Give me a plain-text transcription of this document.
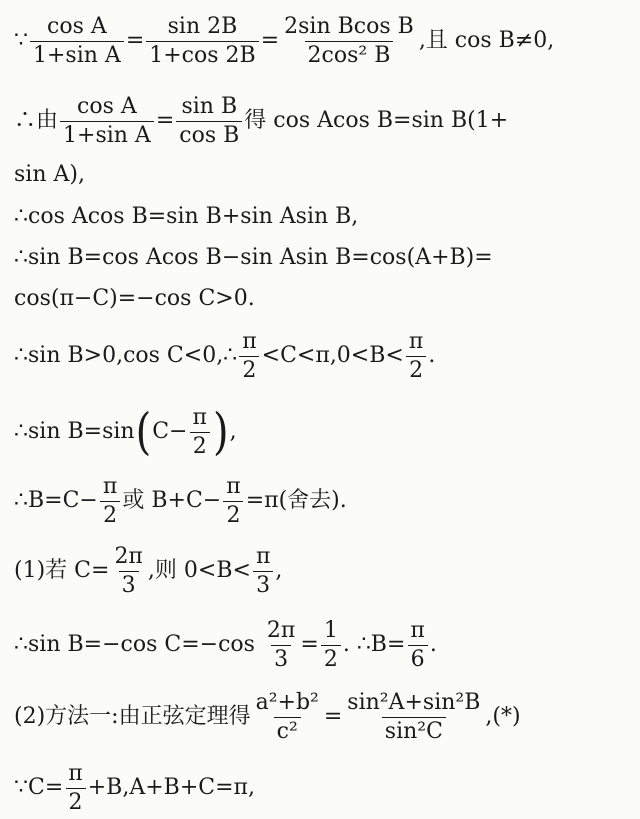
∵ $\frac{\text{cos A}}{\text{1+sin A}} = \frac{\sin 2B}{1+\cos 2B} = \frac{\text{2sin Bcos B}}{\text{2cos² B}}$ ,且 cos B≠0,
∴由 $\frac{\text{cos A}}{\text{1+sin A}} = \frac{\text{sin B}}{\text{cos B}}$ 得 cos Acos B=sin B(1+
sin A),
∴cos Acos B=sin B+sin Asin B,
∴sin B=cos Acos B−sin Asin B=cos(A+B)=
cos(π−C)=−cos C>0.
∴sin B>0,cos C<0,∴ $\frac{\pi}{2} <C<\pi,0<B< \frac{\pi}{2}$ .
∴sin B=sin ( $C- \frac{\pi}{2}$ ) ,
∴B=C− $\frac{\pi}{2}$ 或 $B+C- \frac{\pi}{2} =\pi$(舍去).
(1)若 $C= \frac{2\pi}{3}$ ,则 $0<B< \frac{\pi}{3}$ ,
∴sin B=−cos $C=-\cos \frac{2\pi}{3} = \frac{1}{2}$ . ∴B= $\frac{\pi}{6}$ .
(2)方法一:由正弦定理得 $\frac{\text{a²+b²}}{\text{c²}} = \frac{\text{sin²A+sin²B}}{\text{sin²C}}$ ,(*)
∵C= $\frac{\pi}{2} +B,A+B+C=\pi$,
